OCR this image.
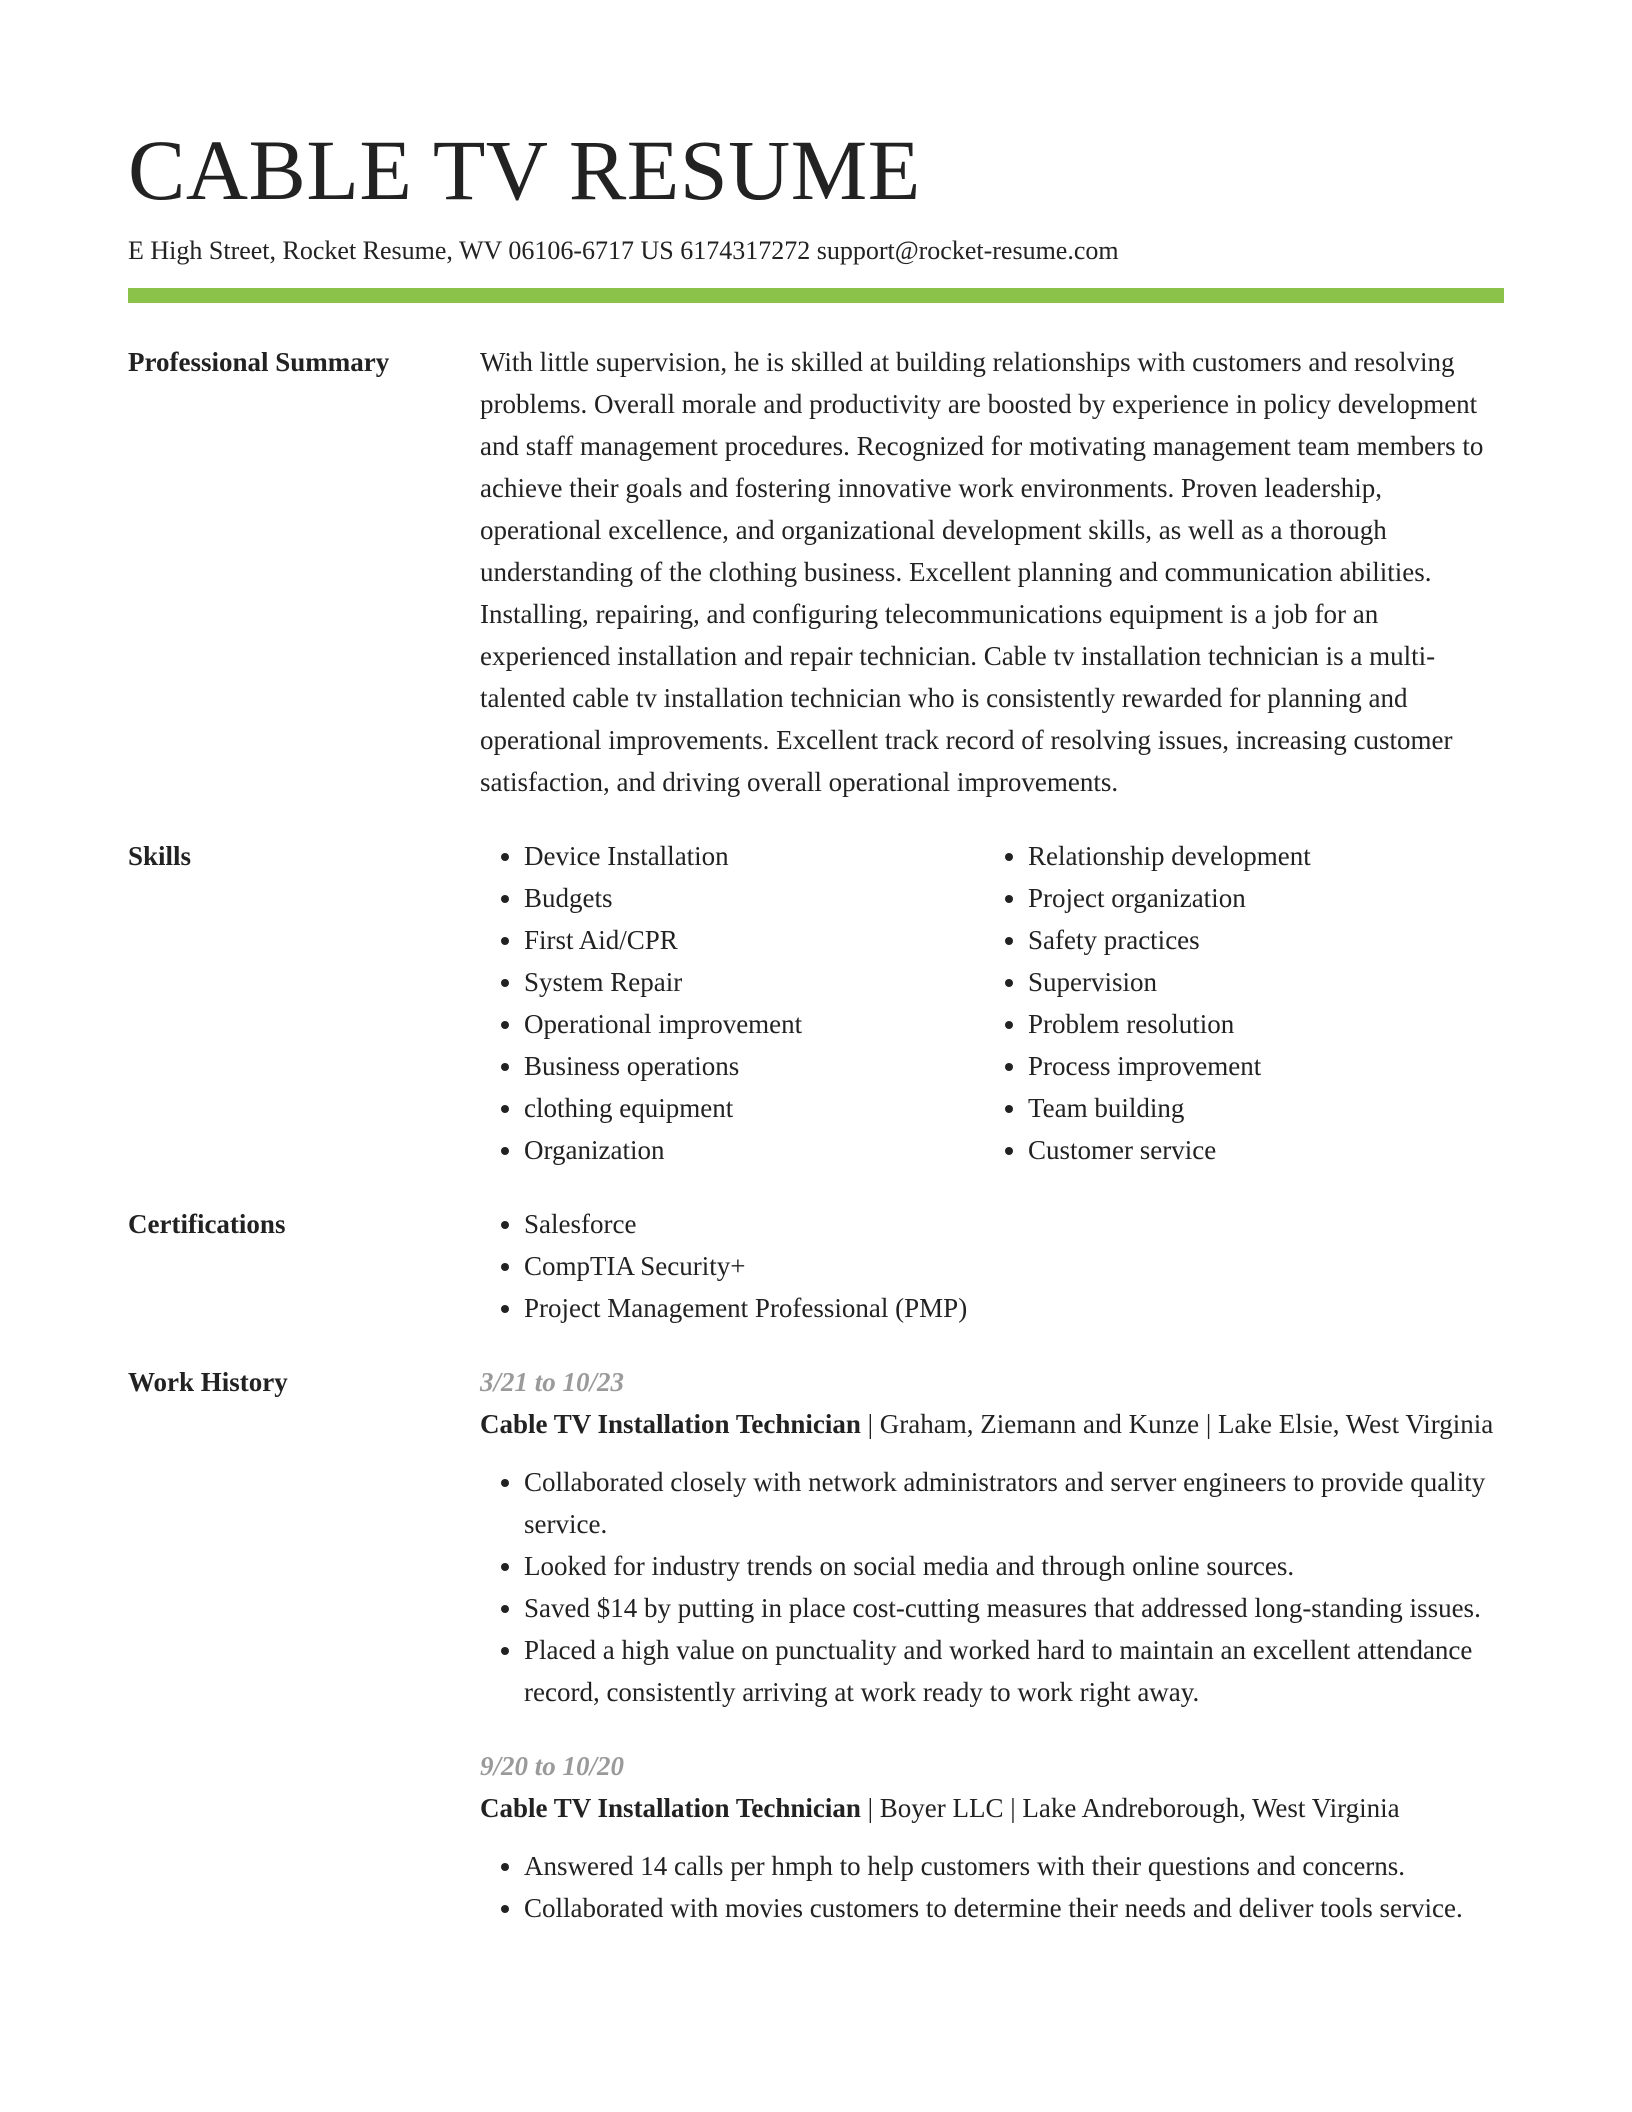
CABLE TV RESUME
E High Street, Rocket Resume, WV 06106-6717 US 6174317272 support@rocket-resume.com
Professional Summary	With little supervision, he is skilled at building relationships with customers and resolving problems. Overall morale and productivity are boosted by experience in policy development and staff management procedures. Recognized for motivating management team members to achieve their goals and fostering innovative work environments. Proven leadership, operational excellence, and organizational development skills, as well as a thorough understanding of the clothing business. Excellent planning and communication abilities. Installing, repairing, and configuring telecommunications equipment is a job for an experienced installation and repair technician. Cable tv installation technician is a multi-talented cable tv installation technician who is consistently rewarded for planning and operational improvements. Excellent track record of resolving issues, increasing customer satisfaction, and driving overall operational improvements.

Skills	• Device Installation
• Budgets
• First Aid/CPR
• System Repair
• Operational improvement
• Business operations
• clothing equipment
• Organization
• Relationship development
• Project organization
• Safety practices
• Supervision
• Problem resolution
• Process improvement
• Team building
• Customer service
Certifications	• Salesforce
• CompTIA Security+
• Project Management Professional (PMP)
Work History	3/21 to 10/23
Cable TV Installation Technician | Graham, Ziemann and Kunze | Lake Elsie, West Virginia
• Collaborated closely with network administrators and server engineers to provide quality service.
• Looked for industry trends on social media and through online sources.
• Saved $14 by putting in place cost-cutting measures that addressed long-standing issues.
• Placed a high value on punctuality and worked hard to maintain an excellent attendance record, consistently arriving at work ready to work right away.
9/20 to 10/20
Cable TV Installation Technician | Boyer LLC | Lake Andreborough, West Virginia
• Answered 14 calls per hmph to help customers with their questions and concerns.
• Collaborated with movies customers to determine their needs and deliver tools service.
